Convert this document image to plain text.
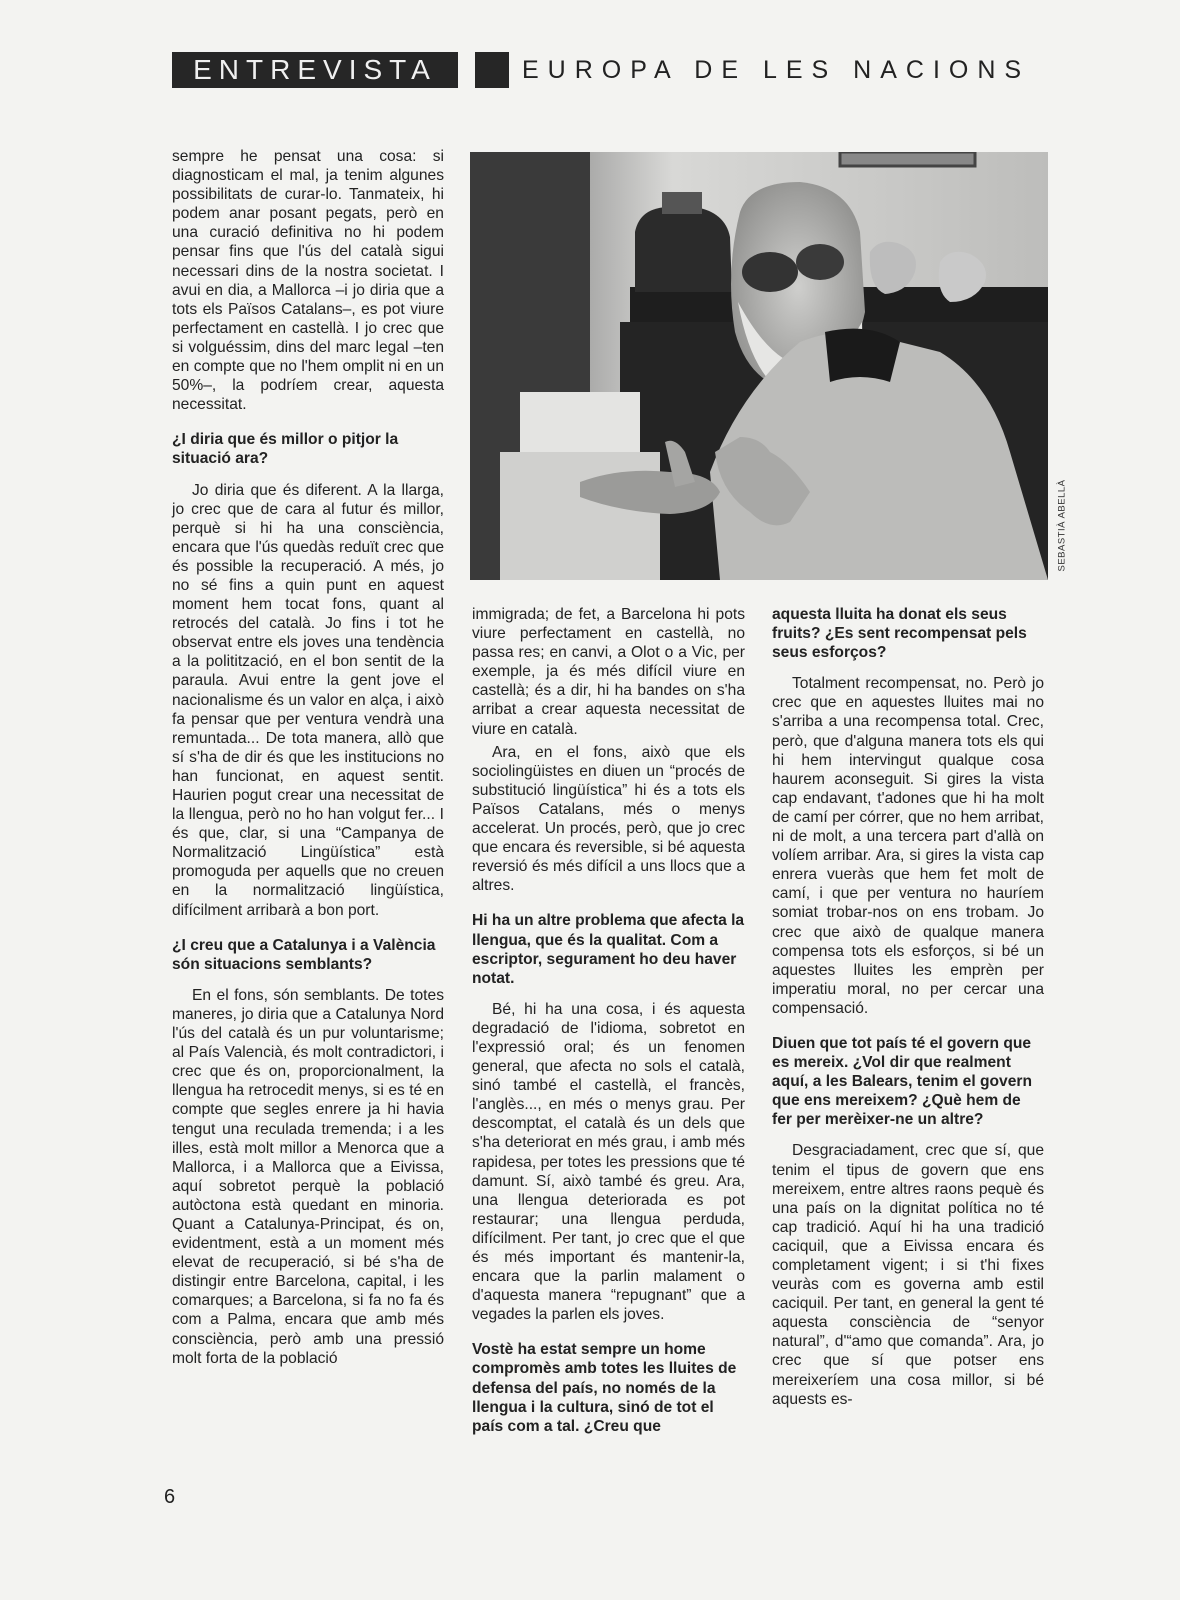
ENTREVISTA	EUROPA DE LES NACIONS

sempre he pensat una cosa: si diagnosticam el mal, ja tenim algunes possibilitats de curar-lo. Tanmateix, hi podem anar posant pegats, però en una curació definitiva no hi podem pensar fins que l'ús del català sigui necessari dins de la nostra societat. I avui en dia, a Mallorca –i jo diria que a tots els Països Catalans–, es pot viure perfectament en castellà. I jo crec que si volguéssim, dins del marc legal –ten en compte que no l'hem omplit ni en un 50%–, la podríem crear, aquesta necessitat.

¿I diria que és millor o pitjor la situació ara?

Jo diria que és diferent. A la llarga, jo crec que de cara al futur és millor, perquè si hi ha una consciència, encara que l'ús quedàs reduït crec que és possible la recuperació. A més, jo no sé fins a quin punt en aquest moment hem tocat fons, quant al retrocés del català. Jo fins i tot he observat entre els joves una tendència a la politització, en el bon sentit de la paraula. Avui entre la gent jove el nacionalisme és un valor en alça, i això fa pensar que per ventura vendrà una remuntada... De tota manera, allò que sí s'ha de dir és que les institucions no han funcionat, en aquest sentit. Haurien pogut crear una necessitat de la llengua, però no ho han volgut fer... I és que, clar, si una “Campanya de Normalització Lingüística” està promoguda per aquells que no creuen en la normalització lingüística, difícilment arribarà a bon port.

¿I creu que a Catalunya i a València són situacions semblants?

En el fons, són semblants. De totes maneres, jo diria que a Catalunya Nord l'ús del català és un pur voluntarisme; al País Valencià, és molt contradictori, i crec que és on, proporcionalment, la llengua ha retrocedit menys, si es té en compte que segles enrere ja hi havia tengut una reculada tremenda; i a les illes, està molt millor a Menorca que a Mallorca, i a Mallorca que a Eivissa, aquí sobretot perquè la població autòctona està quedant en minoria. Quant a Catalunya-Principat, és on, evidentment, està a un moment més elevat de recuperació, si bé s'ha de distingir entre Barcelona, capital, i les comarques; a Barcelona, si fa no fa és com a Palma, encara que amb més consciència, però amb una pressió molt forta de la població

SEBASTIÀ ABELLÀ

immigrada; de fet, a Barcelona hi pots viure perfectament en castellà, no passa res; en canvi, a Olot o a Vic, per exemple, ja és més difícil viure en castellà; és a dir, hi ha bandes on s'ha arribat a crear aquesta necessitat de viure en català.

Ara, en el fons, això que els sociolingüistes en diuen un “procés de substitució lingüística” hi és a tots els Països Catalans, més o menys accelerat. Un procés, però, que jo crec que encara és reversible, si bé aquesta reversió és més difícil a uns llocs que a altres.

Hi ha un altre problema que afecta la llengua, que és la qualitat. Com a escriptor, segurament ho deu haver notat.

Bé, hi ha una cosa, i és aquesta degradació de l'idioma, sobretot en l'expressió oral; és un fenomen general, que afecta no sols el català, sinó també el castellà, el francès, l'anglès..., en més o menys grau. Per descomptat, el català és un dels que s'ha deteriorat en més grau, i amb més rapidesa, per totes les pressions que té damunt. Sí, això també és greu. Ara, una llengua deteriorada es pot restaurar; una llengua perduda, difícilment. Per tant, jo crec que el que és més important és mantenir-la, encara que la parlin malament o d'aquesta manera “repugnant” que a vegades la parlen els joves.

Vostè ha estat sempre un home compromès amb totes les lluites de defensa del país, no només de la llengua i la cultura, sinó de tot el país com a tal. ¿Creu que

aquesta lluita ha donat els seus fruits? ¿Es sent recompensat pels seus esforços?

Totalment recompensat, no. Però jo crec que en aquestes lluites mai no s'arriba a una recompensa total. Crec, però, que d'alguna manera tots els qui hi hem intervingut qualque cosa haurem aconseguit. Si gires la vista cap endavant, t'adones que hi ha molt de camí per córrer, que no hem arribat, ni de molt, a una tercera part d'allà on volíem arribar. Ara, si gires la vista cap enrera vueràs que hem fet molt de camí, i que per ventura no hauríem somiat trobar-nos on ens trobam. Jo crec que això de qualque manera compensa tots els esforços, si bé un aquestes lluites les emprèn per imperatiu moral, no per cercar una compensació.

Diuen que tot país té el govern que es mereix. ¿Vol dir que realment aquí, a les Balears, tenim el govern que ens mereixem? ¿Què hem de fer per merèixer-ne un altre?

Desgraciadament, crec que sí, que tenim el tipus de govern que ens mereixem, entre altres raons pequè és una país on la dignitat política no té cap tradició. Aquí hi ha una tradició caciquil, que a Eivissa encara és completament vigent; i si t'hi fixes veuràs com es governa amb estil caciquil. Per tant, en general la gent té aquesta consciència de “senyor natural”, d'“amo que comanda”. Ara, jo crec que sí que potser ens mereixeríem una cosa millor, si bé aquests es-

6
